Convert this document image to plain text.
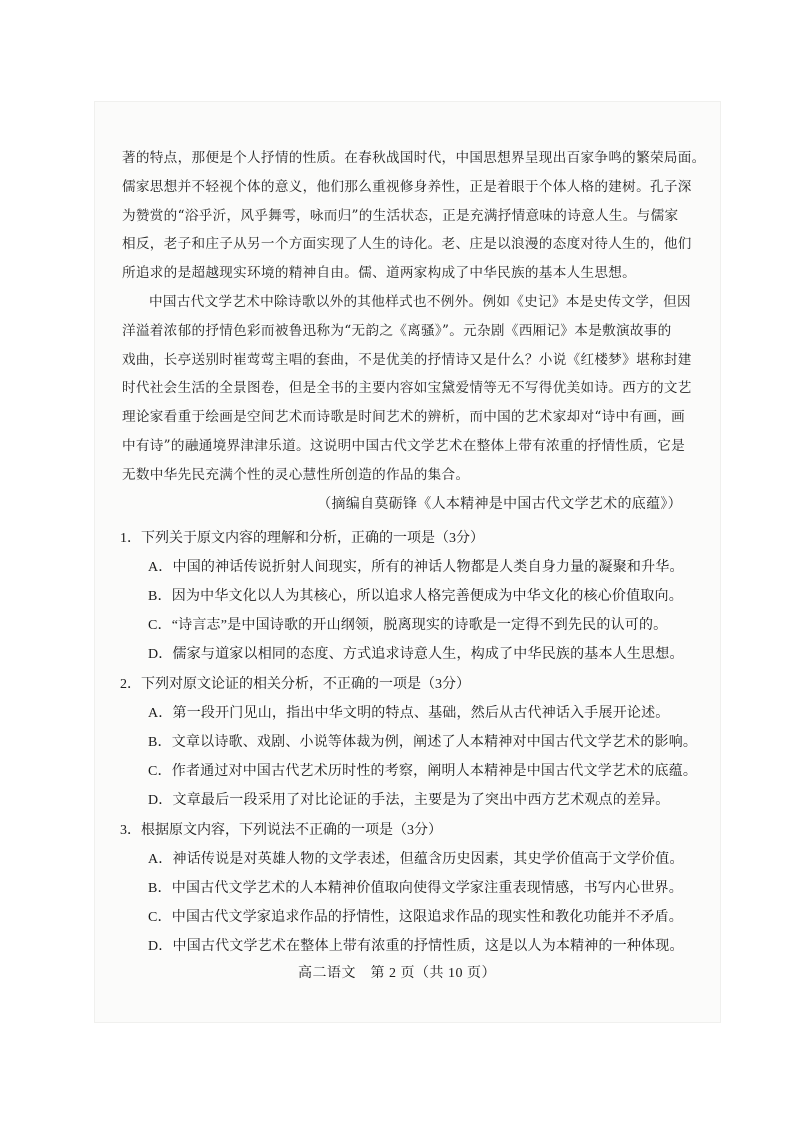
著的特点，那便是个人抒情的性质。在春秋战国时代，中国思想界呈现出百家争鸣的繁荣局面。
儒家思想并不轻视个体的意义，他们那么重视修身养性，正是着眼于个体人格的建树。孔子深
为赞赏的“浴乎沂，风乎舞雩，咏而归”的生活状态，正是充满抒情意味的诗意人生。与儒家
相反，老子和庄子从另一个方面实现了人生的诗化。老、庄是以浪漫的态度对待人生的，他们
所追求的是超越现实环境的精神自由。儒、道两家构成了中华民族的基本人生思想。
中国古代文学艺术中除诗歌以外的其他样式也不例外。例如《史记》本是史传文学，但因
洋溢着浓郁的抒情色彩而被鲁迅称为“无韵之《离骚》”。元杂剧《西厢记》本是敷演故事的
戏曲，长亭送别时崔莺莺主唱的套曲，不是优美的抒情诗又是什么？小说《红楼梦》堪称封建
时代社会生活的全景图卷，但是全书的主要内容如宝黛爱情等无不写得优美如诗。西方的文艺
理论家看重于绘画是空间艺术而诗歌是时间艺术的辨析，而中国的艺术家却对“诗中有画，画
中有诗”的融通境界津津乐道。这说明中国古代文学艺术在整体上带有浓重的抒情性质，它是
无数中华先民充满个性的灵心慧性所创造的作品的集合。
（摘编自莫砺锋《人本精神是中国古代文学艺术的底蕴》）
1．下列关于原文内容的理解和分析，正确的一项是（3分）
A．中国的神话传说折射人间现实，所有的神话人物都是人类自身力量的凝聚和升华。
B．因为中华文化以人为其核心，所以追求人格完善便成为中华文化的核心价值取向。
C．“诗言志”是中国诗歌的开山纲领，脱离现实的诗歌是一定得不到先民的认可的。
D．儒家与道家以相同的态度、方式追求诗意人生，构成了中华民族的基本人生思想。
2．下列对原文论证的相关分析，不正确的一项是（3分）
A．第一段开门见山，指出中华文明的特点、基础，然后从古代神话入手展开论述。
B．文章以诗歌、戏剧、小说等体裁为例，阐述了人本精神对中国古代文学艺术的影响。
C．作者通过对中国古代艺术历时性的考察，阐明人本精神是中国古代文学艺术的底蕴。
D．文章最后一段采用了对比论证的手法，主要是为了突出中西方艺术观点的差异。
3．根据原文内容，下列说法不正确的一项是（3分）
A．神话传说是对英雄人物的文学表述，但蕴含历史因素，其史学价值高于文学价值。
B．中国古代文学艺术的人本精神价值取向使得文学家注重表现情感，书写内心世界。
C．中国古代文学家追求作品的抒情性，这限追求作品的现实性和教化功能并不矛盾。
D．中国古代文学艺术在整体上带有浓重的抒情性质，这是以人为本精神的一种体现。
高二语文　第 2 页（共 10 页）
